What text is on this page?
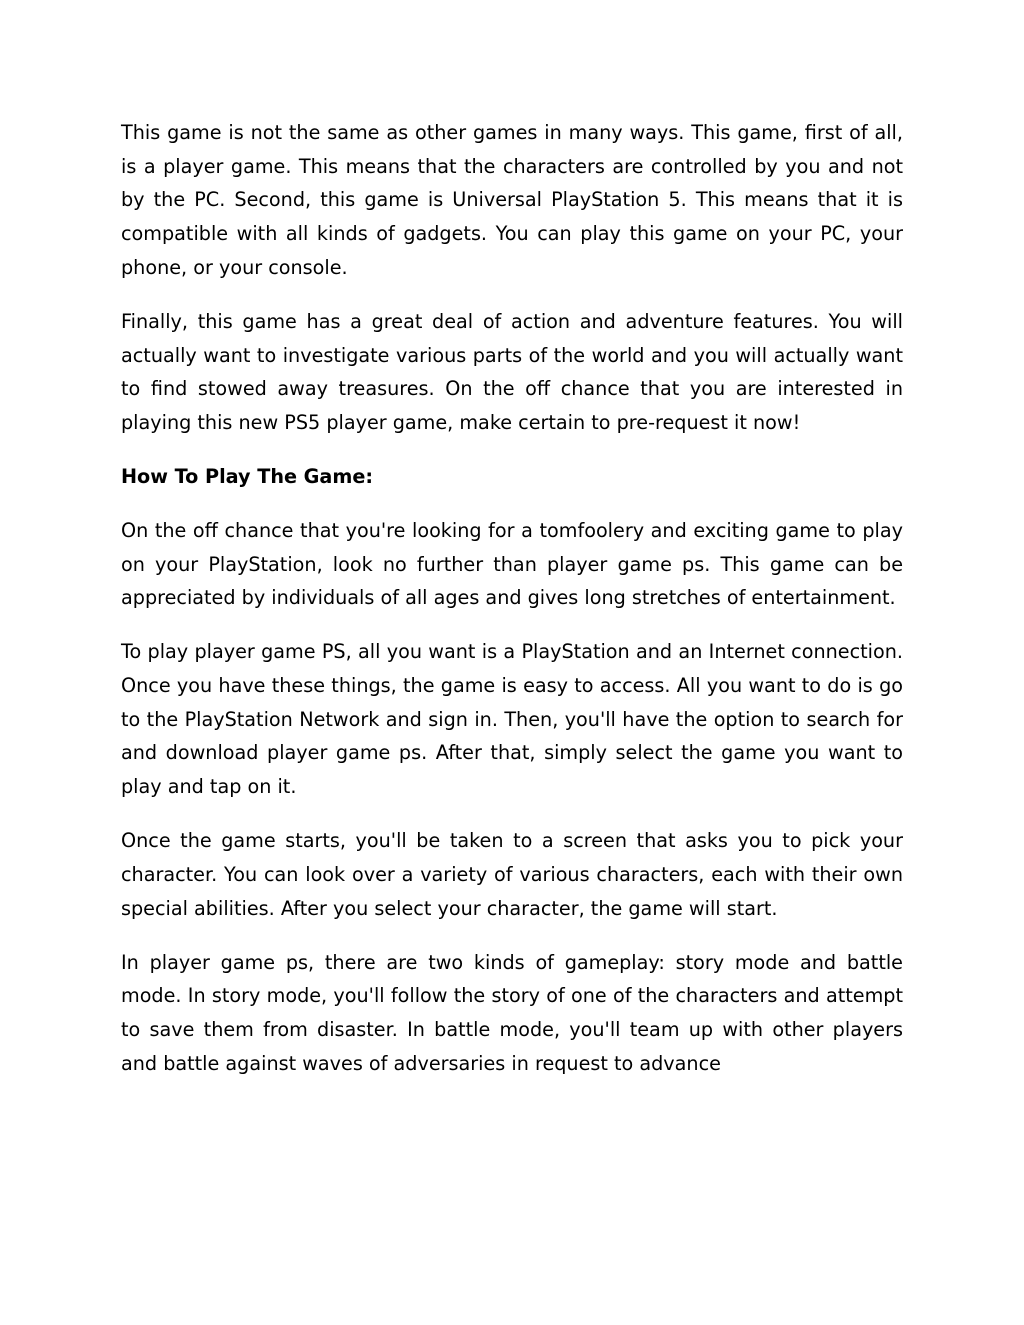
This game is not the same as other games in many ways. This game, first of all, is a player game. This means that the characters are controlled by you and not by the PC. Second, this game is Universal PlayStation 5. This means that it is compatible with all kinds of gadgets. You can play this game on your PC, your phone, or your console.

Finally, this game has a great deal of action and adventure features. You will actually want to investigate various parts of the world and you will actually want to find stowed away treasures. On the off chance that you are interested in playing this new PS5 player game, make certain to pre-request it now!

How To Play The Game:

On the off chance that you're looking for a tomfoolery and exciting game to play on your PlayStation, look no further than player game ps. This game can be appreciated by individuals of all ages and gives long stretches of entertainment.

To play player game PS, all you want is a PlayStation and an Internet connection. Once you have these things, the game is easy to access. All you want to do is go to the PlayStation Network and sign in. Then, you'll have the option to search for and download player game ps. After that, simply select the game you want to play and tap on it.

Once the game starts, you'll be taken to a screen that asks you to pick your character. You can look over a variety of various characters, each with their own special abilities. After you select your character, the game will start.

In player game ps, there are two kinds of gameplay: story mode and battle mode. In story mode, you'll follow the story of one of the characters and attempt to save them from disaster. In battle mode, you'll team up with other players and battle against waves of adversaries in request to advance
